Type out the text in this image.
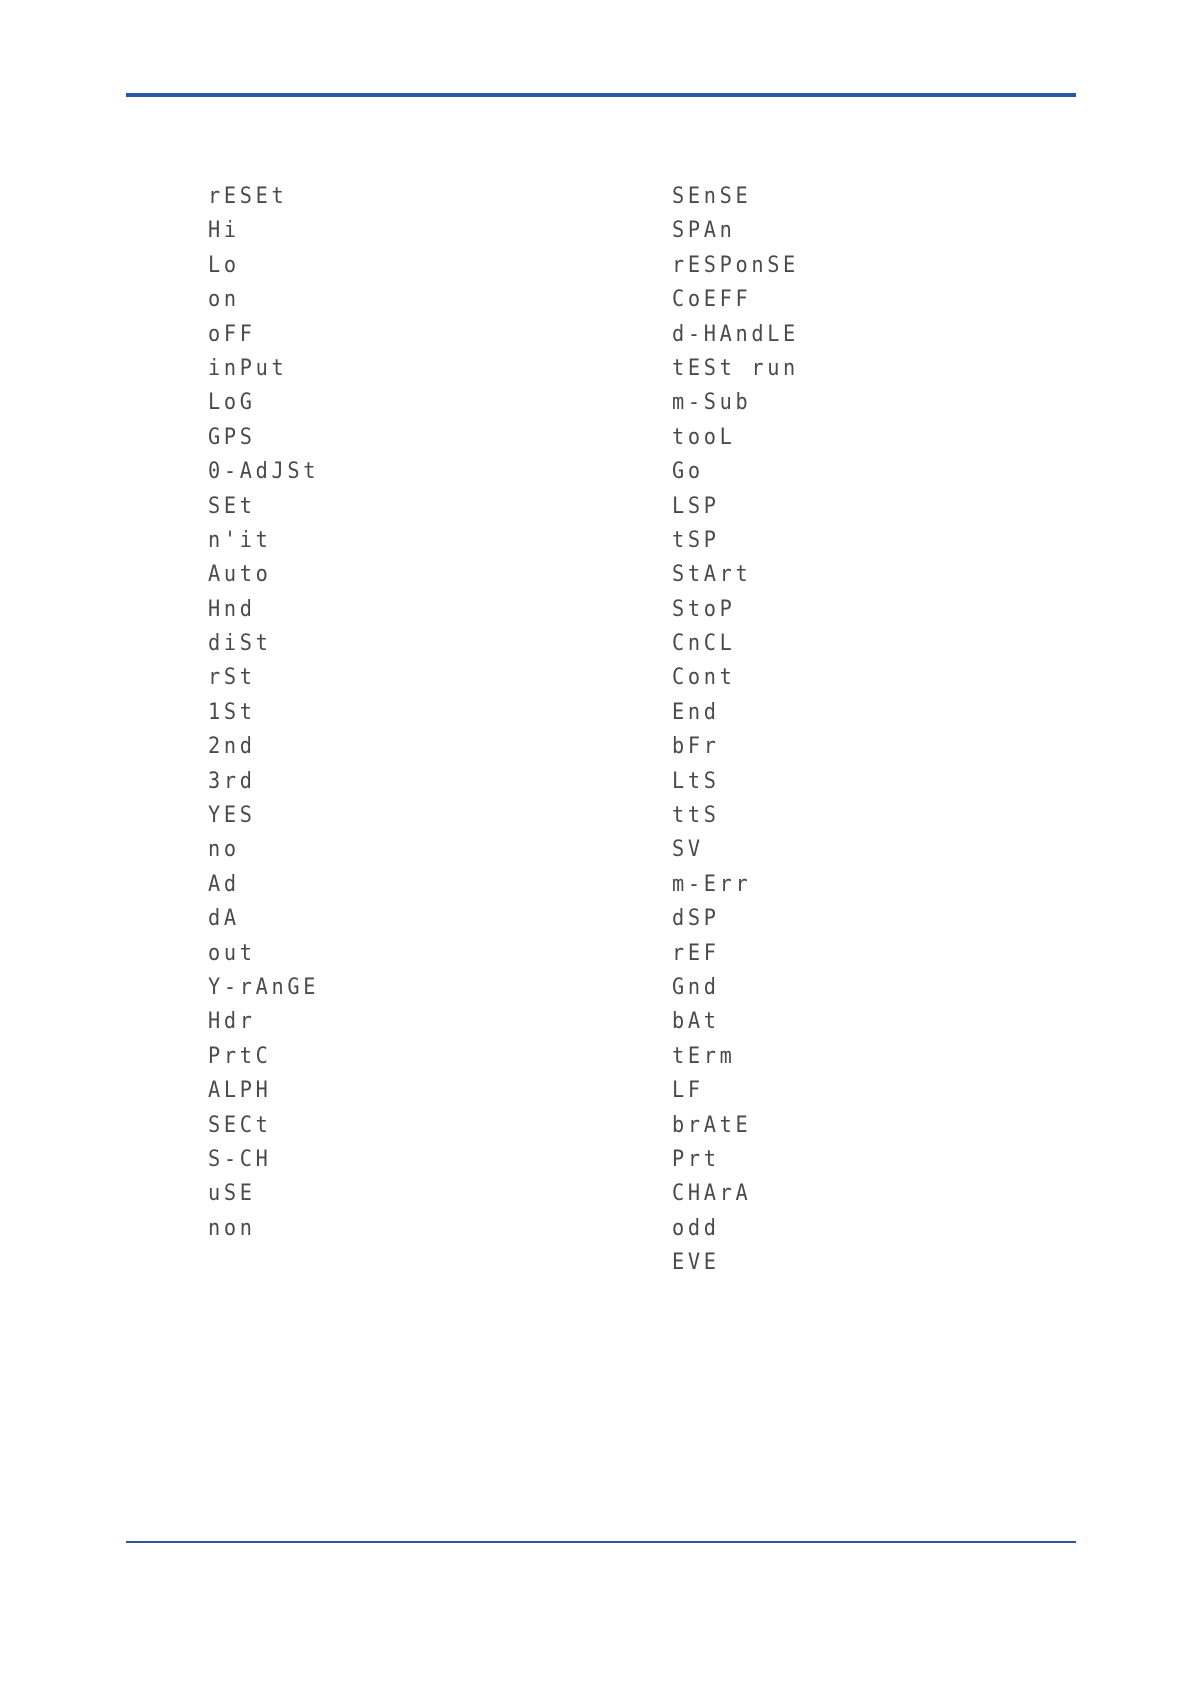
rESEt
Hi
Lo
on
oFF
inPut
LoG
GPS
0-AdJSt
SEt
n'it
Auto
Hnd
diSt
rSt
1St
2nd
3rd
YES
no
Ad
dA
out
Y-rAnGE
Hdr
PrtC
ALPH
SECt
S-CH
uSE
non
SEnSE
SPAn
rESPonSE
CoEFF
d-HAndLE
tESt run
m-Sub
tooL
Go
LSP
tSP
StArt
StoP
CnCL
Cont
End
bFr
LtS
ttS
SV
m-Err
dSP
rEF
Gnd
bAt
tErm
LF
brAtE
Prt
CHArA
odd
EVE
